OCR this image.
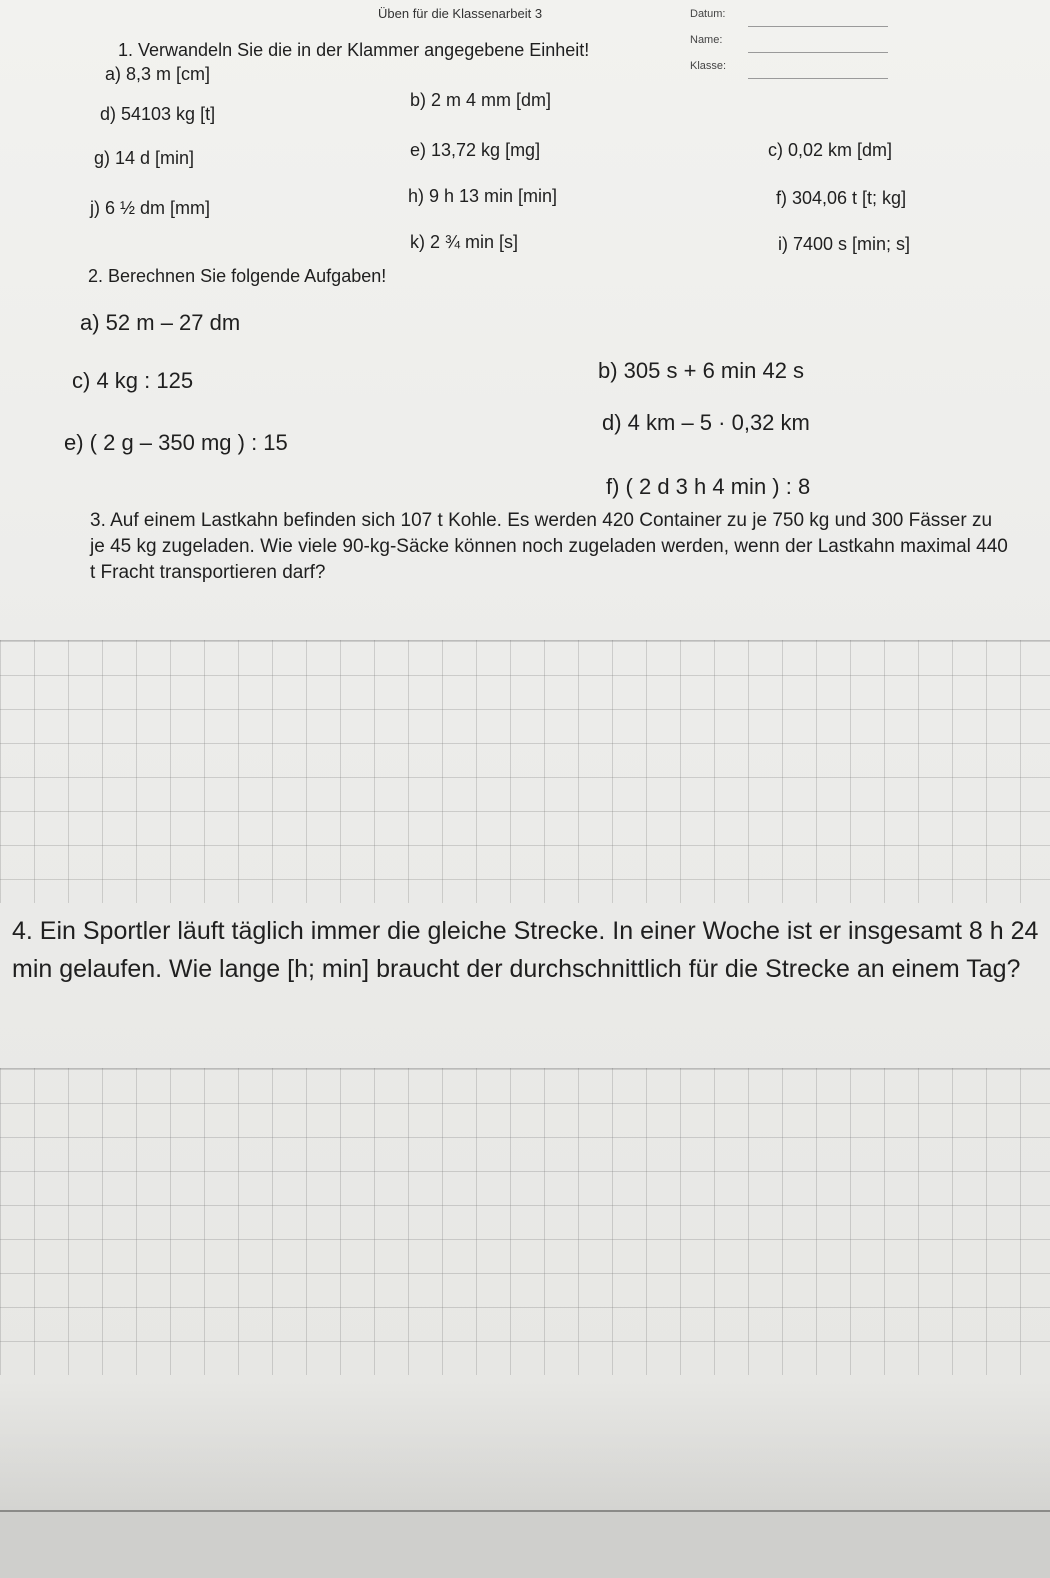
Üben für die Klassenarbeit 3	Datum:
Name:
Klasse:
1. Verwandeln Sie die in der Klammer angegebene Einheit!
a) 8,3 m [cm]
b) 2 m 4 mm [dm]
c) 0,02 km [dm]
d) 54103 kg [t]
e) 13,72 kg [mg]
f) 304,06 t [t; kg]
g) 14 d [min]
h) 9 h 13 min [min]
i) 7400 s [min; s]
j) 6 ½ dm [mm]
k) 2 ¾ min [s]
2. Berechnen Sie folgende Aufgaben!
a) 52 m – 27 dm
b) 305 s + 6 min 42 s
c) 4 kg : 125
d) 4 km – 5 · 0,32 km
e) ( 2 g – 350 mg ) : 15
f) ( 2 d 3 h 4 min ) : 8
3. Auf einem Lastkahn befinden sich 107 t Kohle. Es werden 420 Container zu je 750 kg und 300 Fässer zu je 45 kg zugeladen. Wie viele 90-kg-Säcke können noch zugeladen werden, wenn der Lastkahn maximal 440 t Fracht transportieren darf?
4. Ein Sportler läuft täglich immer die gleiche Strecke. In einer Woche ist er insgesamt 8 h 24 min gelaufen. Wie lange [h; min] braucht der durchschnittlich für die Strecke an einem Tag?
